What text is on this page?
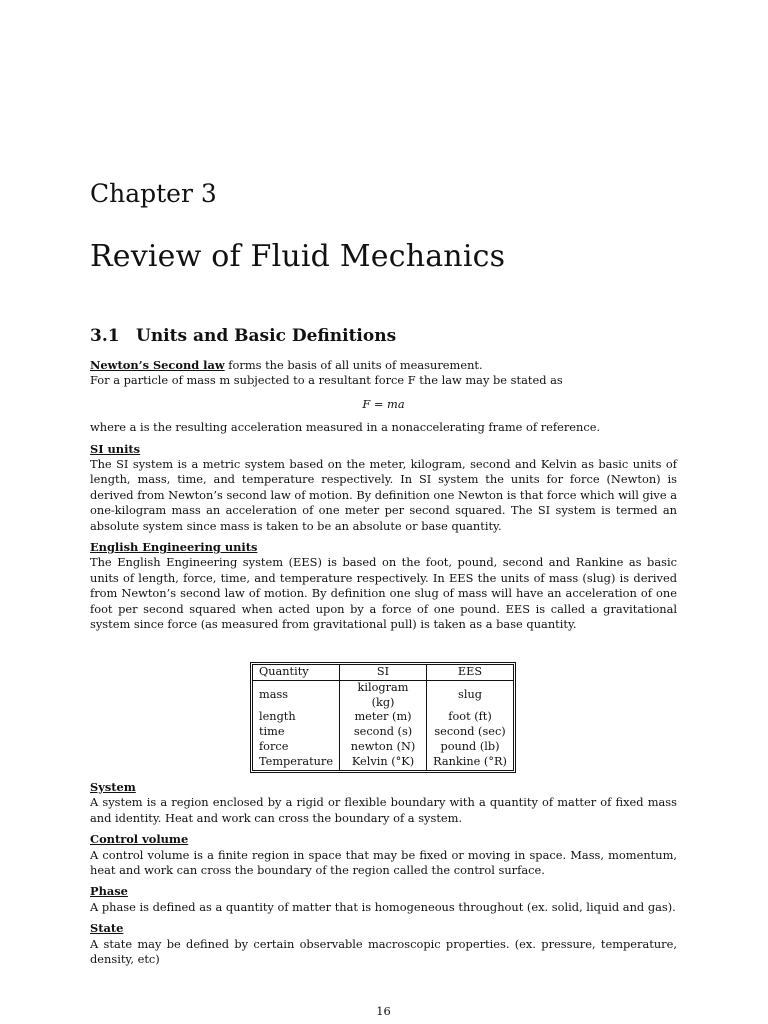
Chapter 3
Review of Fluid Mechanics
3.1 Units and Basic Definitions

Newton’s Second law forms the basis of all units of measurement.

For a particle of mass m subjected to a resultant force F the law may be stated as

F = ma

where a is the resulting acceleration measured in a nonaccelerating frame of reference.

SI units

The SI system is a metric system based on the meter, kilogram, second and Kelvin as basic units of length, mass, time, and temperature respectively. In SI system the units for force (Newton) is derived from Newton’s second law of motion. By definition one Newton is that force which will give a one-kilogram mass an acceleration of one meter per second squared. The SI system is termed an absolute system since mass is taken to be an absolute or base quantity.

English Engineering units

The English Engineering system (EES) is based on the foot, pound, second and Rankine as basic units of length, force, time, and temperature respectively. In EES the units of mass (slug) is derived from Newton’s second law of motion. By definition one slug of mass will have an acceleration of one foot per second squared when acted upon by a force of one pound. EES is called a gravitational system since force (as measured from gravitational pull) is taken as a base quantity.

Quantity	SI	EES
mass	kilogram (kg)	slug
length	meter (m)	foot (ft)
time	second (s)	second (sec)
force	newton (N)	pound (lb)
Temperature	Kelvin (°K)	Rankine (°R)
System

A system is a region enclosed by a rigid or flexible boundary with a quantity of matter of fixed mass and identity. Heat and work can cross the boundary of a system.

Control volume

A control volume is a finite region in space that may be fixed or moving in space. Mass, momentum, heat and work can cross the boundary of the region called the control surface.

Phase

A phase is defined as a quantity of matter that is homogeneous throughout (ex. solid, liquid and gas).

State

A state may be defined by certain observable macroscopic properties. (ex. pressure, temperature, density, etc)

16
